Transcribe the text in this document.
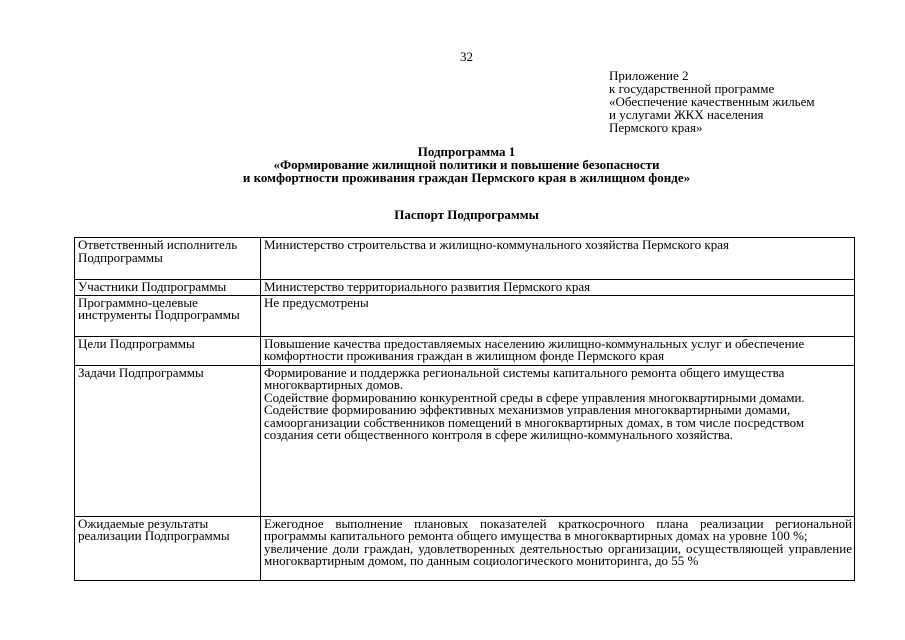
32
Приложение 2
к государственной программе
«Обеспечение качественным жильем
и услугами ЖКХ населения
Пермского края»
Подпрограмма 1
«Формирование жилищной политики и повышение безопасности
и комфортности проживания граждан Пермского края в жилищном фонде»
Паспорт Подпрограммы
Ответственный исполнитель Подпрограммы	Министерство строительства и жилищно-коммунального хозяйства Пермского края

Участники Подпрограммы	Министерство территориального развития Пермского края

Программно-целевые инструменты Подпрограммы	Не предусмотрены

Цели Подпрограммы	Повышение качества предоставляемых населению жилищно-коммунальных услуг и обеспечение комфортности проживания граждан в жилищном фонде Пермского края

Задачи Подпрограммы	Формирование и поддержка региональной системы капитального ремонта общего имущества многоквартирных домов.
Содействие формированию конкурентной среды в сфере управления многоквартирными домами.
Содействие формированию эффективных механизмов управления многоквартирными домами, самоорганизации собственников помещений в многоквартирных домах, в том числе посредством создания сети общественного контроля в сфере жилищно-коммунального хозяйства.

Ожидаемые результаты реализации Подпрограммы	Ежегодное выполнение плановых показателей краткосрочного плана реализации региональной программы капитального ремонта общего имущества в многоквартирных домах на уровне 100 %;
увеличение доли граждан, удовлетворенных деятельностью организации, осуществляющей управление многоквартирным домом, по данным социологического мониторинга, до 55 %
